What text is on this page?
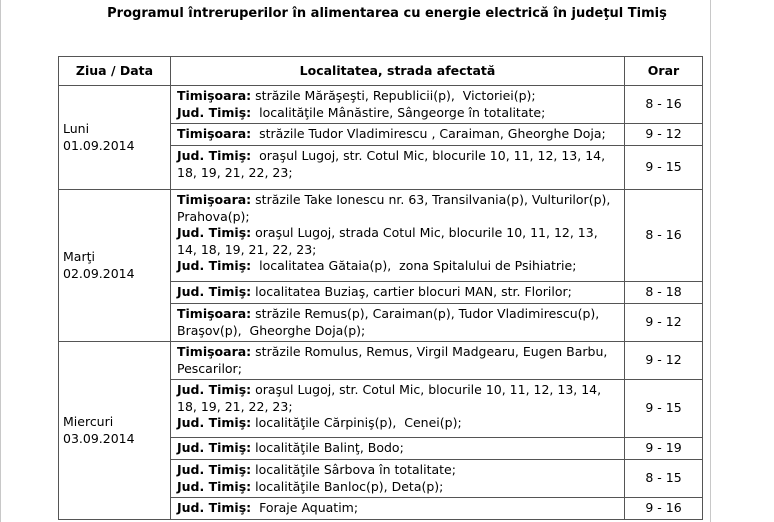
Programul întreruperilor în alimentarea cu energie electrică în judeţul Timiş
Ziua / Data	Localitatea, strada afectată	Orar

Luni
01.09.2014	Timişoara: străzile Mărăşeşti, Republicii(p),  Victoriei(p);
Jud. Timiş:  localităţile Mânăstire, Sângeorge în totalitate;	8 - 16

	Timişoara:  străzile Tudor Vladimirescu , Caraiman, Gheorghe Doja;	9 - 12

	Jud. Timiş:  oraşul Lugoj, str. Cotul Mic, blocurile 10, 11, 12, 13, 14, 18, 19, 21, 22, 23;	9 - 15

Marţi
02.09.2014	Timişoara: străzile Take Ionescu nr. 63, Transilvania(p), Vulturilor(p), Prahova(p);
Jud. Timiş: oraşul Lugoj, strada Cotul Mic, blocurile 10, 11, 12, 13, 14, 18, 19, 21, 22, 23;
Jud. Timiş:  localitatea Gătaia(p),  zona Spitalului de Psihiatrie;	8 - 16

	Jud. Timiş: localitatea Buziaş, cartier blocuri MAN, str. Florilor;	8 - 18

	Timişoara: străzile Remus(p), Caraiman(p), Tudor Vladimirescu(p), Braşov(p),  Gheorghe Doja(p);	9 - 12

Miercuri
03.09.2014	Timişoara: străzile Romulus, Remus, Virgil Madgearu, Eugen Barbu, Pescarilor;	9 - 12

	Jud. Timiş: oraşul Lugoj, str. Cotul Mic, blocurile 10, 11, 12, 13, 14, 18, 19, 21, 22, 23;
Jud. Timiş: localităţile Cărpiniş(p),  Cenei(p);	9 - 15

	Jud. Timiş: localităţile Balinţ, Bodo;	9 - 19

	Jud. Timiş: localităţile Sârbova în totalitate;
Jud. Timiş: localităţile Banloc(p), Deta(p);	8 - 15

	Jud. Timiş:  Foraje Aquatim;	9 - 16
